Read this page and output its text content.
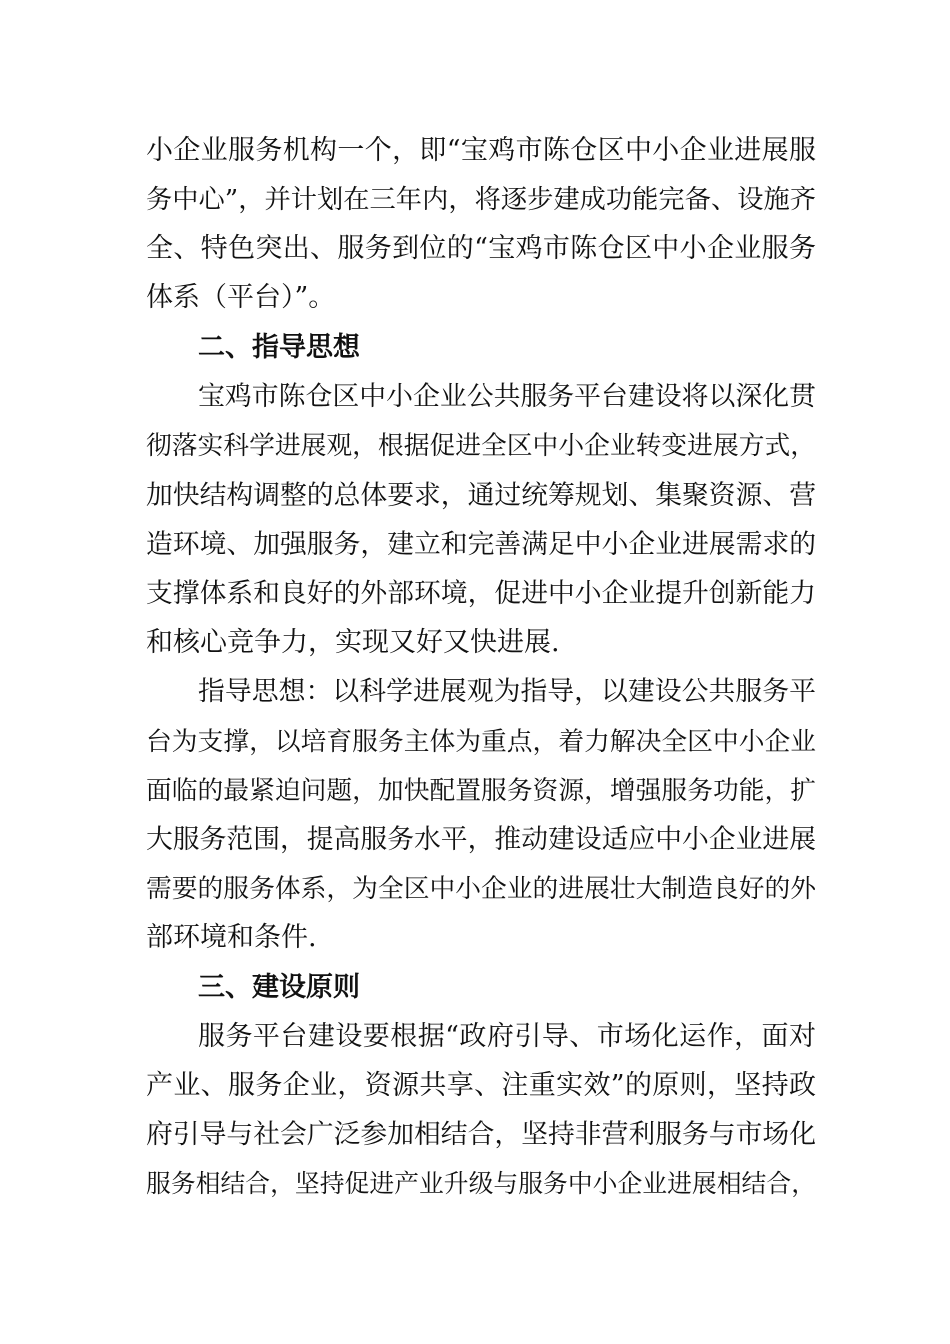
小企业服务机构一个，即“宝鸡市陈仓区中小企业进展服
务中心”，并计划在三年内，将逐步建成功能完备、设施齐
全、特色突出、服务到位的“宝鸡市陈仓区中小企业服务
体系（平台）”。
二、指导思想
宝鸡市陈仓区中小企业公共服务平台建设将以深化贯
彻落实科学进展观，根据促进全区中小企业转变进展方式，
加快结构调整的总体要求，通过统筹规划、集聚资源、营
造环境、加强服务，建立和完善满足中小企业进展需求的
支撑体系和良好的外部环境，促进中小企业提升创新能力
和核心竞争力，实现又好又快进展.
指导思想：以科学进展观为指导，以建设公共服务平
台为支撑，以培育服务主体为重点，着力解决全区中小企业
面临的最紧迫问题，加快配置服务资源，增强服务功能，扩
大服务范围，提高服务水平，推动建设适应中小企业进展
需要的服务体系，为全区中小企业的进展壮大制造良好的外
部环境和条件.
三、建设原则
服务平台建设要根据“政府引导、市场化运作，面对
产业、服务企业，资源共享、注重实效”的原则，坚持政
府引导与社会广泛参加相结合，坚持非营利服务与市场化
服务相结合，坚持促进产业升级与服务中小企业进展相结合，
